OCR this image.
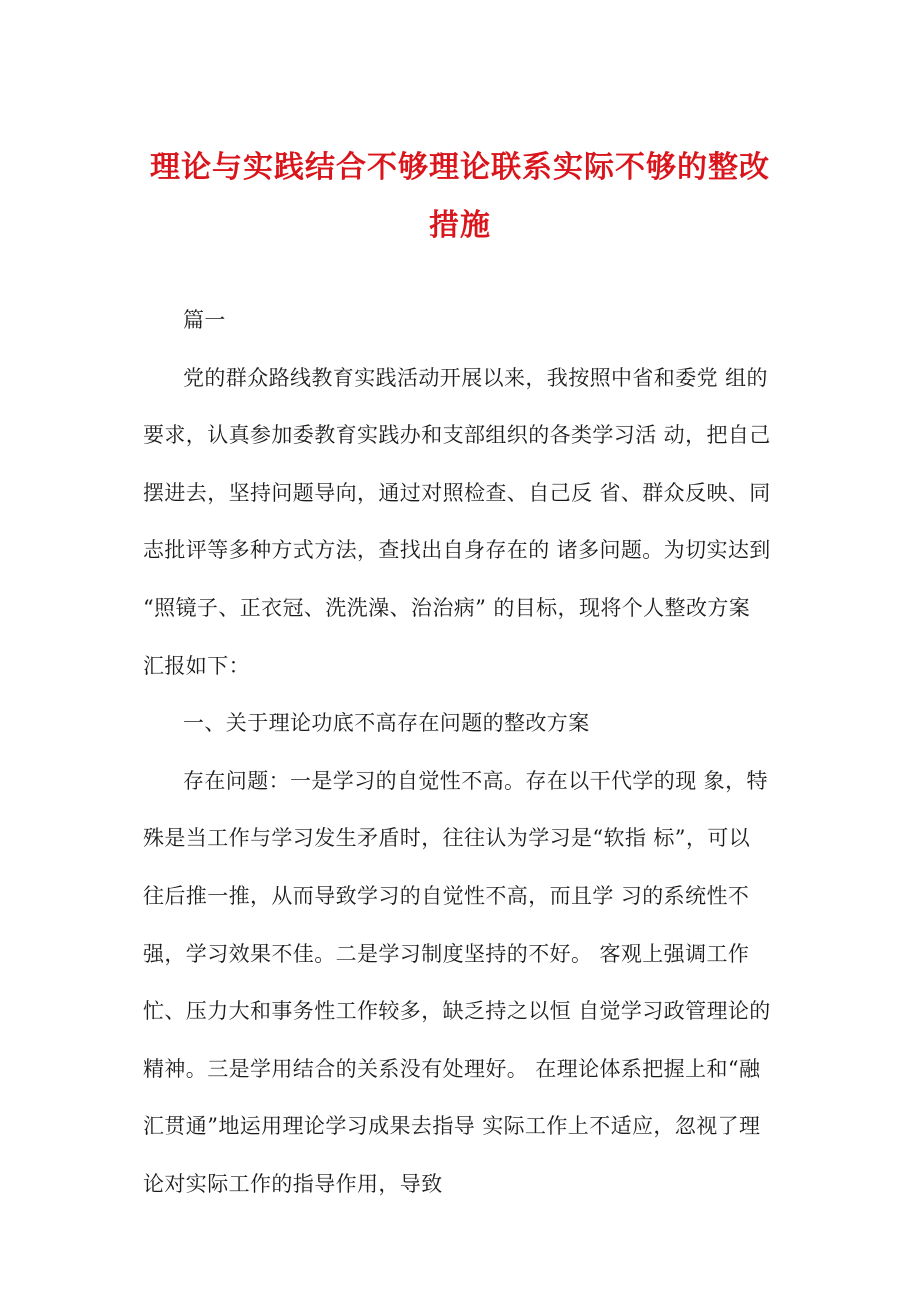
理论与实践结合不够理论联系实际不够的整改
措施
篇一
党的群众路线教育实践活动开展以来，我按照中省和委党 组的
要求，认真参加委教育实践办和支部组织的各类学习活 动，把自己
摆进去，坚持问题导向，通过对照检查、自己反 省、群众反映、同
志批评等多种方式方法，查找出自身存在的 诸多问题。为切实达到
“照镜子、正衣冠、洗洗澡、治治病” 的目标，现将个人整改方案
汇报如下：
一、关于理论功底不高存在问题的整改方案
存在问题：一是学习的自觉性不高。存在以干代学的现 象，特
殊是当工作与学习发生矛盾时，往往认为学习是“软指 标”，可以
往后推一推，从而导致学习的自觉性不高，而且学 习的系统性不
强，学习效果不佳。二是学习制度坚持的不好。 客观上强调工作
忙、压力大和事务性工作较多，缺乏持之以恒 自觉学习政管理论的
精神。三是学用结合的关系没有处理好。 在理论体系把握上和“融
汇贯通”地运用理论学习成果去指导 实际工作上不适应，忽视了理
论对实际工作的指导作用，导致
